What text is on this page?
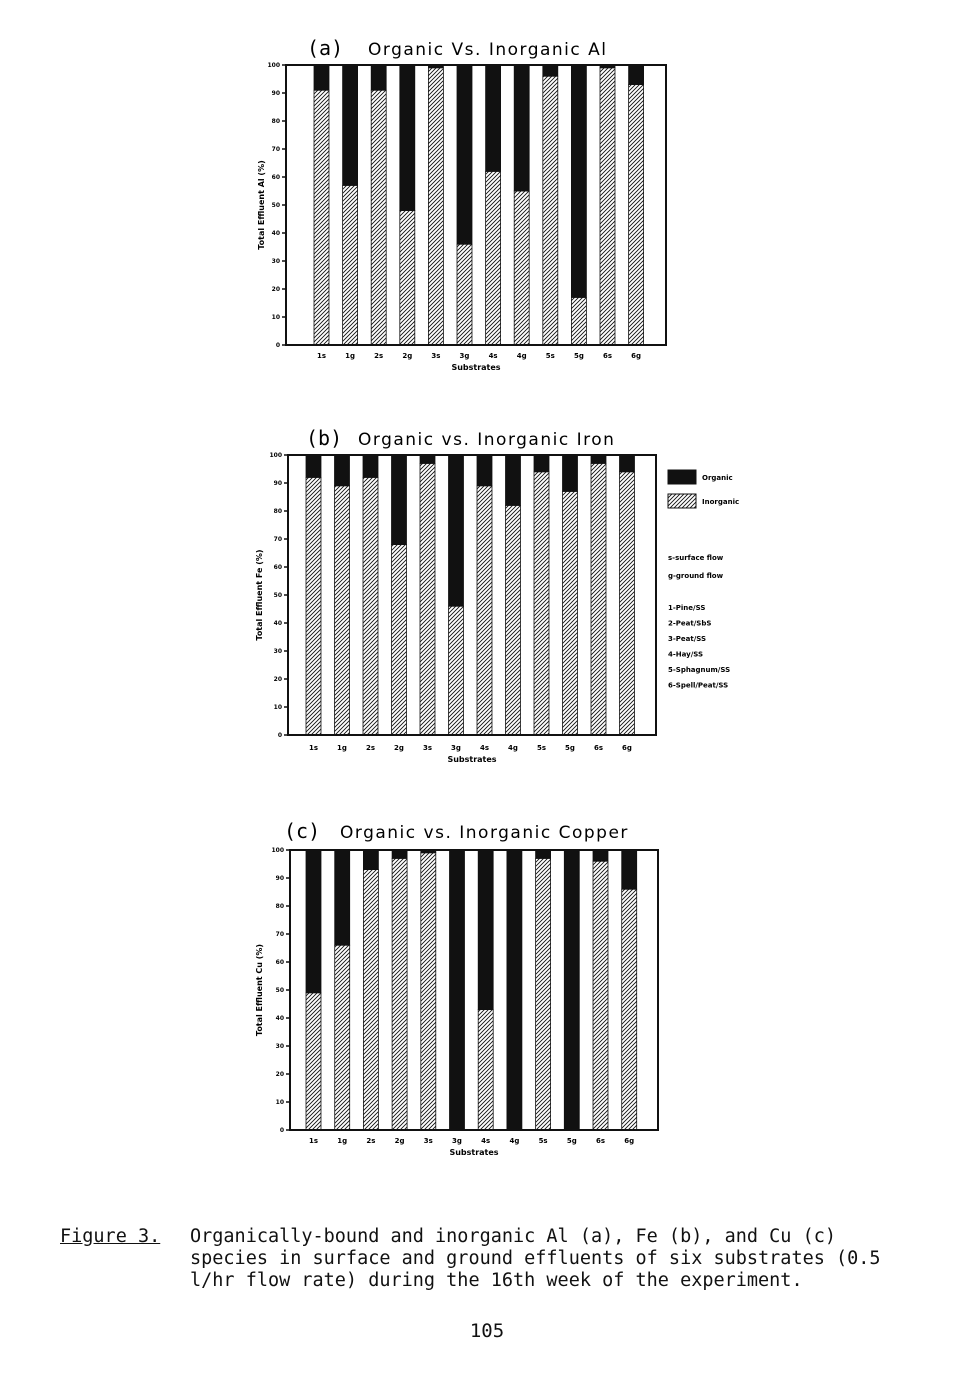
(a) Organic Vs. Inorganic Al
1s	1g	2s	2g	3s	3g	4s	4g	5s	5g	6s	6g
0
10
20
30
40
50
60
70
80
90
100
Total Effluent Al (%)
Substrates
(b) Organic vs. Inorganic Iron
1s	1g	2s	2g	3s	3g	4s	4g	5s	5g	6s	6g
0
10
20
30
40
50
60
70
80
90
100
Total Effluent Fe (%)
Substrates
Organic
Inorganic
s-surface flow
g-ground flow
1-Pine/SS
2-Peat/SbS
3-Peat/SS
4-Hay/SS
5-Sphagnum/SS
6-Spell/Peat/SS
(c) Organic vs. Inorganic Copper
1s	1g	2s	2g	3s	3g	4s	4g	5s	5g	6s	6g
0
10
20
30
40
50
60
70
80
90
100
Total Effluent Cu (%)
Substrates
Figure 3. Organically-bound and inorganic Al (a), Fe (b), and Cu (c)
species in surface and ground effluents of six substrates (0.5
l/hr flow rate) during the 16th week of the experiment.
105
